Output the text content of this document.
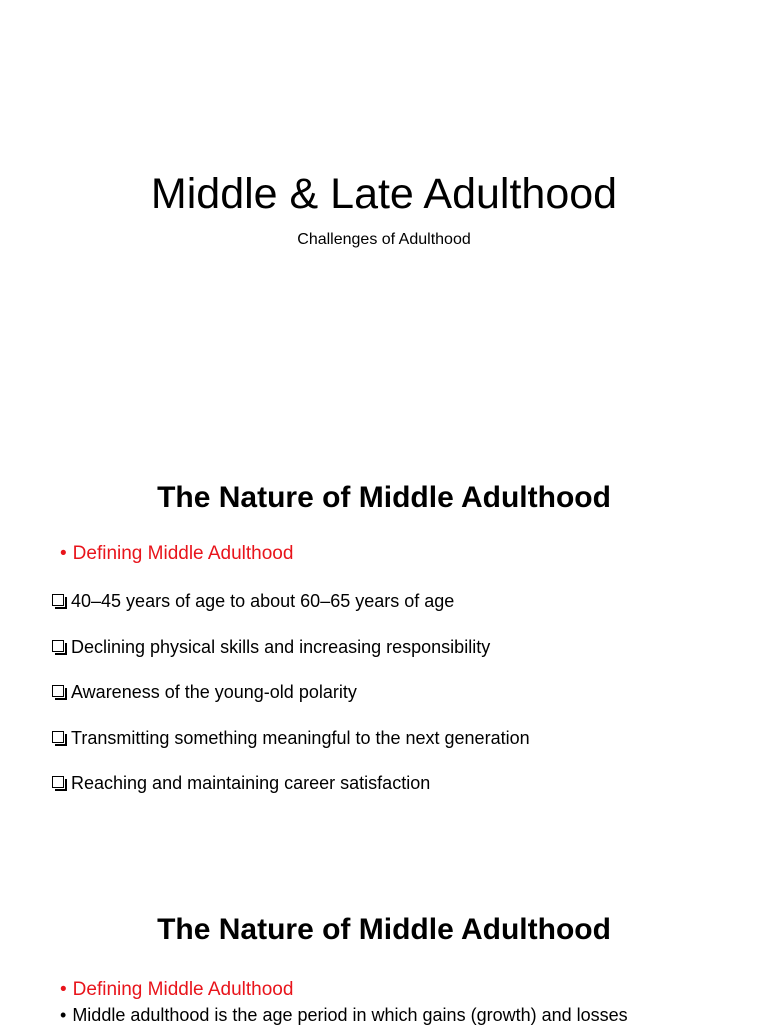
Middle & Late Adulthood
Challenges of Adulthood
The Nature of Middle Adulthood
• Defining Middle Adulthood
40–45 years of age to about 60–65 years of age
Declining physical skills and increasing responsibility
Awareness of the young-old polarity
Transmitting something meaningful to the next generation
Reaching and maintaining career satisfaction
The Nature of Middle Adulthood
• Defining Middle Adulthood
• Middle adulthood is the age period in which gains (growth) and losses
